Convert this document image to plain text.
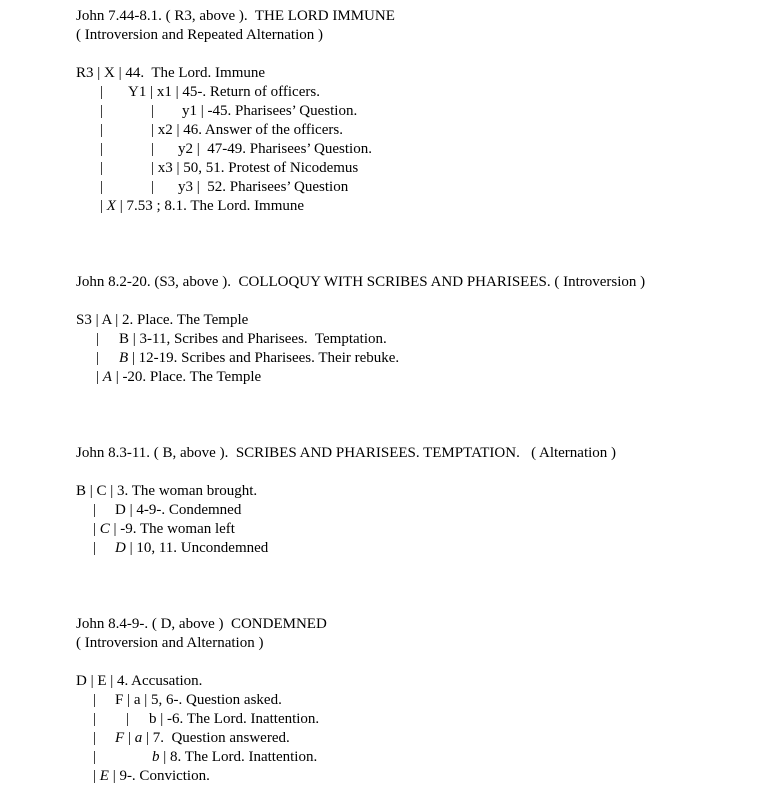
John 7.44-8.1. ( R3, above ).  THE LORD IMMUNE
( Introversion and Repeated Alternation )
R3 | X | 44.  The Lord. Immune
| Y1 | x1 | 45-. Return of officers.
|	| y1 | -45. Pharisees’ Question.
|	| x2 | 46. Answer of the officers.
|	| y2 |  47-49. Pharisees’ Question.
|	| x3 | 50, 51. Protest of Nicodemus
|	| y3 |  52. Pharisees’ Question
| X | 7.53 ; 8.1. The Lord. Immune
John 8.2-20. (S3, above ).  COLLOQUY WITH SCRIBES AND PHARISEES. ( Introversion )
S3 | A | 2. Place. The Temple
| B | 3-11, Scribes and Pharisees.  Temptation.
| B | 12-19. Scribes and Pharisees. Their rebuke.
| A | -20. Place. The Temple
John 8.3-11. ( B, above ).  SCRIBES AND PHARISEES. TEMPTATION.   ( Alternation )
B | C | 3. The woman brought.
| D | 4-9-. Condemned
| C | -9. The woman left
| D | 10, 11. Uncondemned
John 8.4-9-. ( D, above )  CONDEMNED
( Introversion and Alternation )
D | E | 4. Accusation.
| F | a | 5, 6-. Question asked.
| | b | -6. The Lord. Inattention.
| F | a | 7.  Question answered.
|	b | 8. The Lord. Inattention.
| E | 9-. Conviction.
